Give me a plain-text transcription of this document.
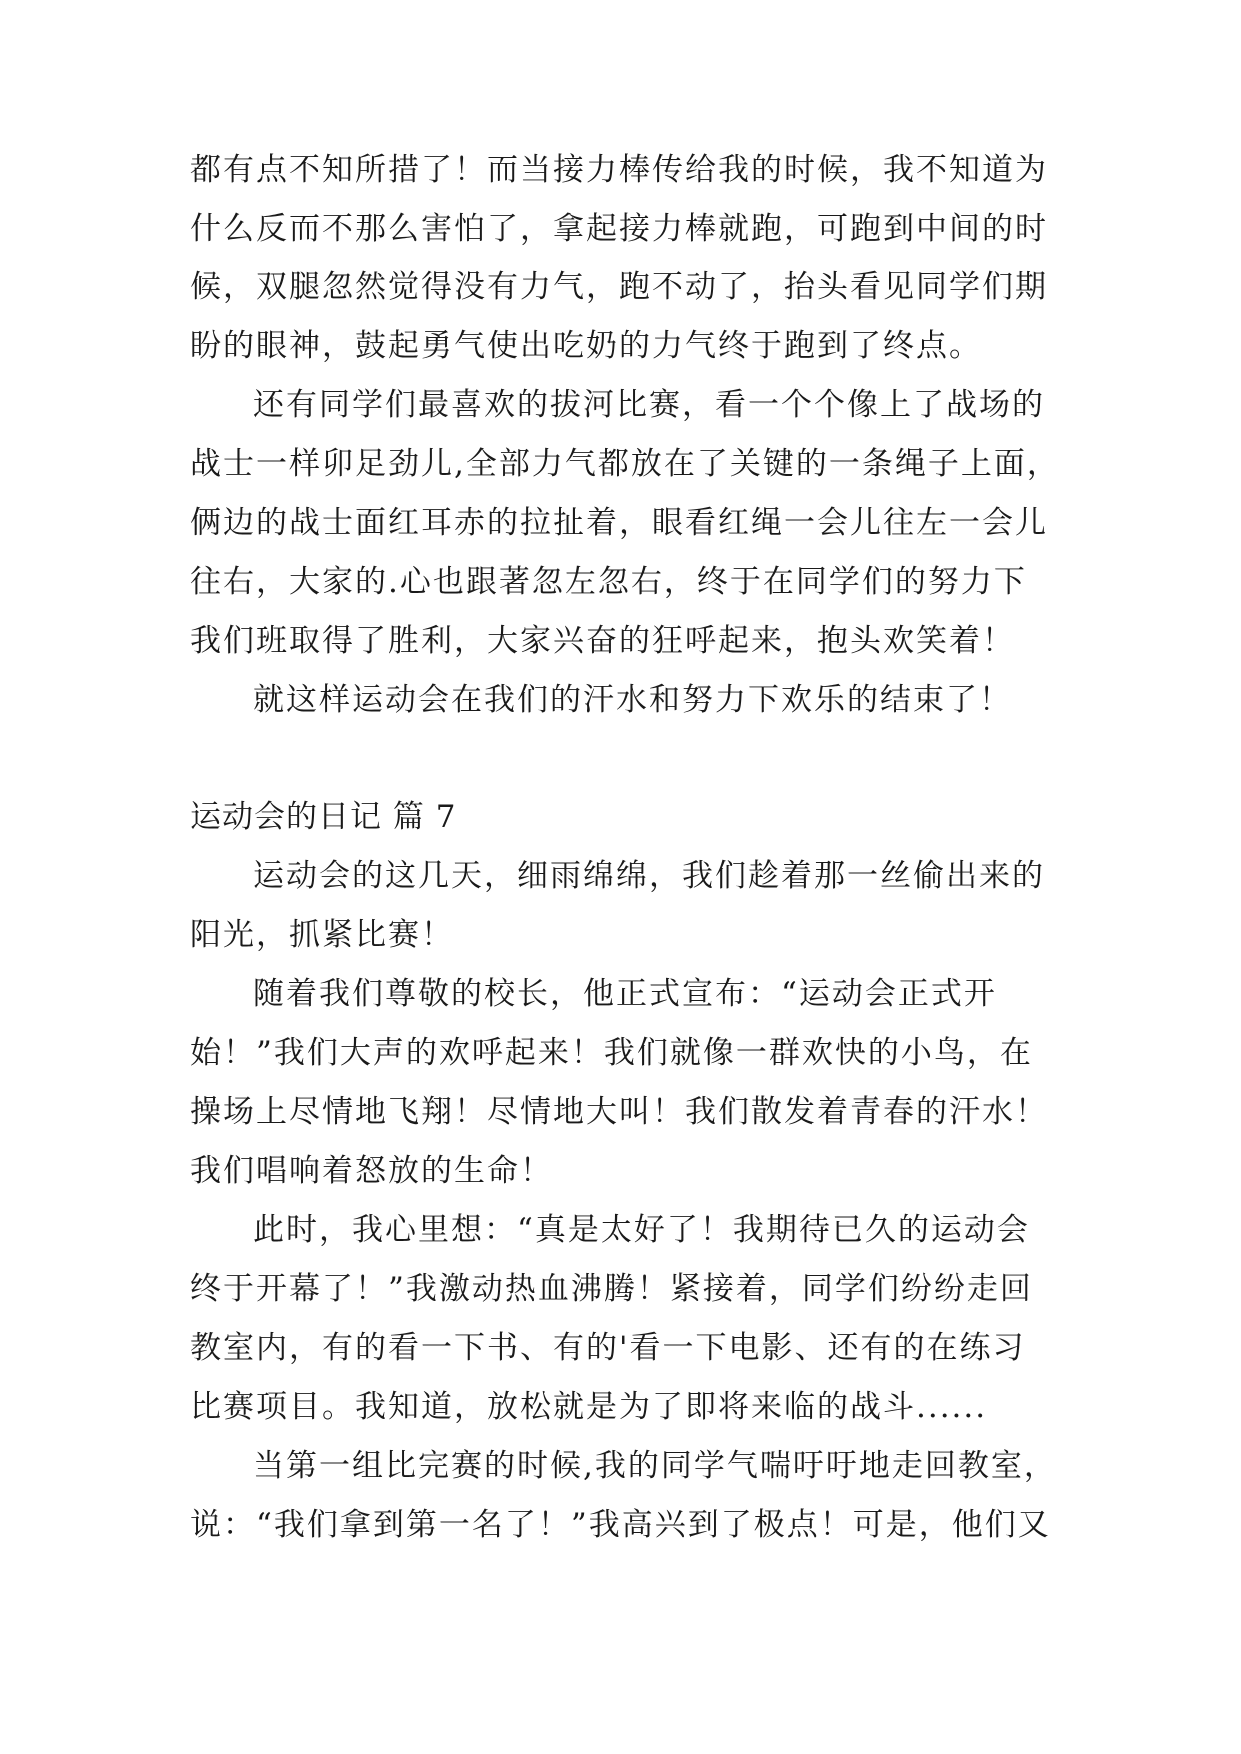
都有点不知所措了！而当接力棒传给我的时候，我不知道为
什么反而不那么害怕了，拿起接力棒就跑，可跑到中间的时
候，双腿忽然觉得没有力气，跑不动了，抬头看见同学们期
盼的眼神，鼓起勇气使出吃奶的力气终于跑到了终点。
还有同学们最喜欢的拔河比赛，看一个个像上了战场的
战士一样卯足劲儿,全部力气都放在了关键的一条绳子上面，
俩边的战士面红耳赤的拉扯着，眼看红绳一会儿往左一会儿
往右，大家的.心也跟著忽左忽右，终于在同学们的努力下
我们班取得了胜利，大家兴奋的狂呼起来，抱头欢笑着！
就这样运动会在我们的汗水和努力下欢乐的结束了！
运动会的日记 篇 7
运动会的这几天，细雨绵绵，我们趁着那一丝偷出来的
阳光，抓紧比赛！
随着我们尊敬的校长，他正式宣布：“运动会正式开
始！”我们大声的欢呼起来！我们就像一群欢快的小鸟，在
操场上尽情地飞翔！尽情地大叫！我们散发着青春的汗水！
我们唱响着怒放的生命！
此时，我心里想：“真是太好了！我期待已久的运动会
终于开幕了！”我激动热血沸腾！紧接着，同学们纷纷走回
教室内，有的看一下书、有的'看一下电影、还有的在练习
比赛项目。我知道，放松就是为了即将来临的战斗......
当第一组比完赛的时候,我的同学气喘吁吁地走回教室，
说：“我们拿到第一名了！”我高兴到了极点！可是，他们又
